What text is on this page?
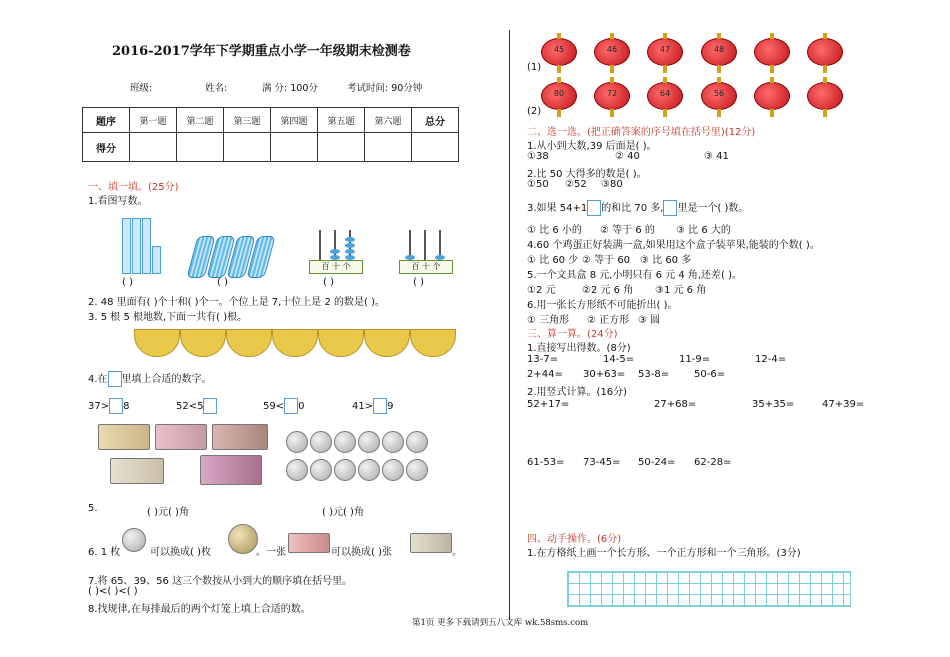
2016-2017学年下学期重点小学一年级期末检测卷
班级:	姓名:	满 分: 100分	考试时间: 90分钟
题序	第一题	第二题	第三题	第四题	第五题	第六题	总分
得分							
一、填一填。(25分)
1.看图写数。
百 十 个	百 十 个
( )	( )	( )	( )
2. 48 里面有( )个十和( )个一。个位上是 7,十位上是 2 的数是( )。
3. 5 根 5 根地数,下面一共有( )根。
4.在 里填上合适的数字。
37> 8	52<5	59< 0	41> 9
5.	( )元( )角	( )元( )角
6. 1 枚	可以换成( )枚	。一张	可以换成( )张	。
7.将 65、39、56 这三个数按从小到大的顺序填在括号里。
( )<( )<( )
8.找规律,在每排最后的两个灯笼上填上合适的数。
(1)
45	46	47	48
(2)
80	72	64	56
二、选一选。(把正确答案的序号填在括号里)(12分)
1.从小到大数,39 后面是( )。
①38	② 40	③ 41
2.比 50 大得多的数是( )。
①50 ②52 ③80
3.如果 54+1 的和比 70 多, 里是一个( )数。
① 比 6 小的 ② 等于 6 的 ③ 比 6 大的
4.60 个鸡蛋正好装满一盒,如果用这个盒子装苹果,能装的个数( )。
① 比 60 少 ② 等于 60 ③ 比 60 多
5.一个文具盒 8 元,小明只有 6 元 4 角,还差( )。
①2 元	②2 元 6 角 ③1 元 6 角
6.用一张长方形纸不可能折出( )。
① 三角形 ② 正方形 ③ 圆
三、算一算。(24分)
1.直接写出得数。(8分)
13-7=	14-5=	11-9=	12-4=
2+44= 30+63= 53-8= 50-6=
2.用竖式计算。(16分)
52+17=	27+68=	35+35=	47+39=
61-53= 73-45= 50-24= 62-28=
四、动手操作。(6分)
1.在方格纸上画一个长方形、一个正方形和一个三角形。(3分)
第1页 更多下载请到五八文库 wk.58sms.com
